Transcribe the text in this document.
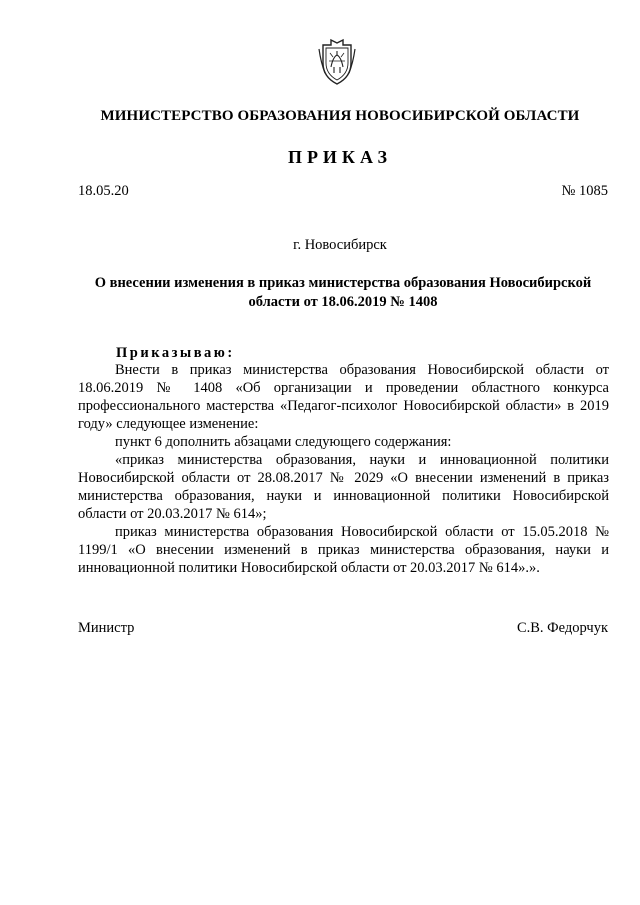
МИНИСТЕРСТВО ОБРАЗОВАНИЯ НОВОСИБИРСКОЙ ОБЛАСТИ
ПРИКАЗ
18.05.20	№ 1085
г. Новосибирск
О внесении изменения в приказ министерства образования Новосибирской
области от 18.06.2019 № 1408
Приказываю:

Внести в приказ министерства образования Новосибирской области от 18.06.2019 № 1408 «Об организации и проведении областного конкурса профессионального мастерства «Педагог-психолог Новосибирской области» в 2019 году» следующее изменение:

пункт 6 дополнить абзацами следующего содержания:

«приказ министерства образования, науки и инновационной политики Новосибирской области от 28.08.2017 № 2029 «О внесении изменений в приказ министерства образования, науки и инновационной политики Новосибирской области от 20.03.2017 № 614»;

приказ министерства образования Новосибирской области от 15.05.2018 № 1199/1 «О внесении изменений в приказ министерства образования, науки и инновационной политики Новосибирской области от 20.03.2017 № 614».».

Министр	С.В. Федорчук
